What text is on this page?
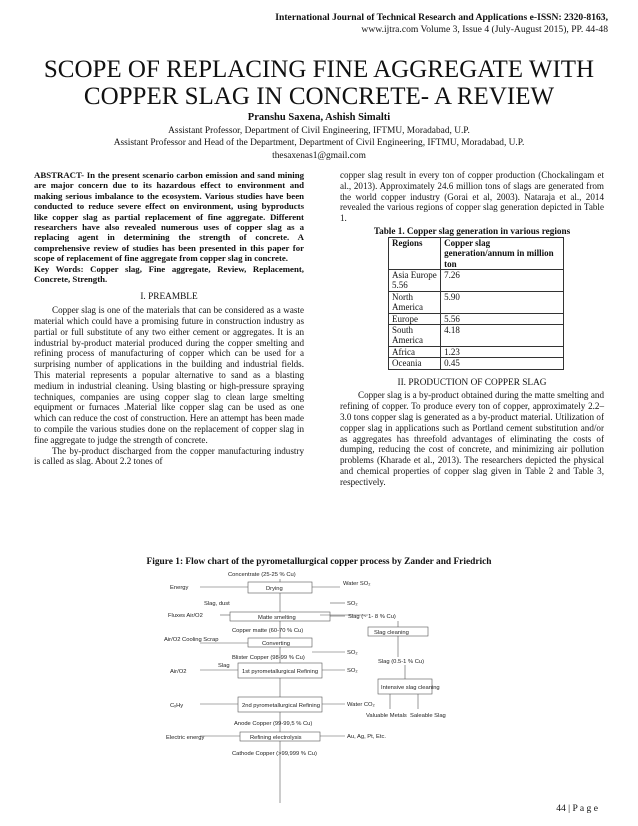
International Journal of Technical Research and Applications e-ISSN: 2320-8163,
www.ijtra.com Volume 3, Issue 4 (July-August 2015), PP. 44-48
SCOPE OF REPLACING FINE AGGREGATE WITH
COPPER SLAG IN CONCRETE- A REVIEW
Pranshu Saxena, Ashish Simalti
Assistant Professor, Department of Civil Engineering, IFTMU, Moradabad, U.P.
Assistant Professor and Head of the Department, Department of Civil Engineering, IFTMU, Moradabad, U.P.
thesaxenas1@gmail.com

ABSTRACT- In the present scenario carbon emission and sand mining are major concern due to its hazardous effect to environment and making serious imbalance to the ecosystem. Various studies have been conducted to reduce severe effect on environment, using byproducts like copper slag as partial replacement of fine aggregate. Different researchers have also revealed numerous uses of copper slag as a replacing agent in determining the strength of concrete. A comprehensive review of studies has been presented in this paper for scope of replacement of fine aggregate from copper slag in concrete.

Key Words: Copper slag, Fine aggregate, Review, Replacement, Concrete, Strength.

I. PREAMBLE

Copper slag is one of the materials that can be considered as a waste material which could have a promising future in construction industry as partial or full substitute of any two either cement or aggregates. It is an industrial by-product material produced during the copper smelting and refining process of manufacturing of copper which can be used for a surprising number of applications in the building and industrial fields. This material represents a popular alternative to sand as a blasting medium in industrial cleaning. Using blasting or high-pressure spraying techniques, companies are using copper slag to clean large smelting equipment or furnaces .Material like copper slag can be used as one which can reduce the cost of construction. Here an attempt has been made to compile the various studies done on the replacement of copper slag in fine aggregate to judge the strength of concrete.

The by-product discharged from the copper manufacturing industry is called as slag. About 2.2 tones of

copper slag result in every ton of copper production (Chockalingam et al., 2013). Approximately 24.6 million tons of slags are generated from the world copper industry (Gorai et al, 2003). Nataraja et al., 2014 revealed the various regions of copper slag generation depicted in Table 1.

Table 1. Copper slag generation in various regions

Regions	Copper slag generation/annum in million ton
Asia Europe 5.56	7.26
North America	5.90
Europe	5.56
South America	4.18
Africa	1.23
Oceania	0.45

II. PRODUCTION OF COPPER SLAG

Copper slag is a by-product obtained during the matte smelting and refining of copper. To produce every ton of copper, approximately 2.2–3.0 tons copper slag is generated as a by-product material. Utilization of copper slag in applications such as Portland cement substitution and/or as aggregates has threefold advantages of eliminating the costs of dumping, reducing the cost of concrete, and minimizing air pollution problems (Kharade et al., 2013). The researchers depicted the physical and chemical properties of copper slag given in Table 2 and Table 3, respectively.

Figure 1: Flow chart of the pyrometallurgical copper process by Zander and Friedrich
Concentrate (25-25 % Cu)
Drying
Energy
Water SO₂
Slag, dust	SO₂
Fluxes Air/O2	Matte smelting	Slag (~ 1- 8 % Cu)
Copper matte (60-70 % Cu)	Slag cleaning
Air/O2 Cooling Scrap
Converting
SO₂
Blister Copper (98-99 % Cu)
Slag (0.5-1 % Cu)
Slag
1st pyrometallurgical Refining
Air/O2	SO₂
Intensive slag cleaning
2nd pyrometallurgical Refining
CₓHy	Water CO₂
Valuable Metals Saleable Slag
Anode Copper (99-99,5 % Cu)
Refining electrolysis
Electric energy	Au, Ag, Pt, Etc.
Cathode Copper (>99,999 % Cu)
44 | P a g e
